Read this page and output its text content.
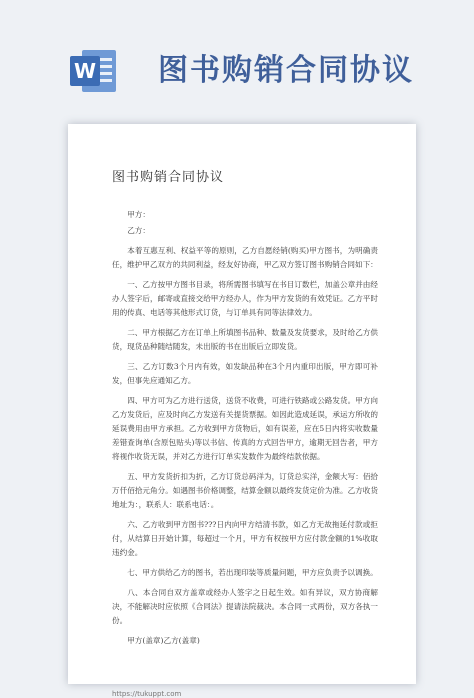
W 图书购销合同协议
图书购销合同协议

甲方：

乙方：

本着互惠互利、权益平等的原则，乙方自愿经销(购买)甲方图书，为明确责任，维护甲乙双方的共同利益，经友好协商，甲乙双方签订图书购销合同如下：

一、乙方按甲方图书目录，将所需图书填写在书目订数栏，加盖公章并由经办人签字后，邮寄或直接交给甲方经办人，作为甲方发货的有效凭证。乙方平时用的传真、电话等其他形式订货，与订单具有同等法律效力。

二、甲方根据乙方在订单上所填图书品种、数量及发货要求，及时给乙方供货，现货品种随结随发，未出版的书在出版后立即发货。

三、乙方订数3个月内有效，如发缺品种在3个月内重印出版，甲方即可补发，但事先应通知乙方。

四、甲方可为乙方进行送货，送货不收费，可进行铁路或公路发货。甲方向乙方发货后，应及时向乙方发送有关提货票据。如因此造成延误，承运方所收的延误费用由甲方承担。乙方收到甲方货物后，如有误差，应在5日内将实收数量差错查询单(含原包贴头)等以书信、传真的方式回告甲方，逾期无回告者，甲方将视作收货无误，并对乙方进行订单实发数作为最终结款依据。

五、甲方发货折扣为折，乙方订货总码洋为，订货总实洋，金额大写：佰拾万仟佰拾元角分。如遇图书价格调整，结算金额以最终发货定价为准。乙方收货地址为：，联系人：联系电话：。

六、乙方收到甲方图书???日内向甲方结清书款，如乙方无故拖延付款或拒付，从结算日开始计算，每超过一个月，甲方有权按甲方应付款金额的1%收取违约金。

七、甲方供给乙方的图书，若出现印装等质量问题，甲方应负责予以调换。

八、本合同自双方盖章或经办人签字之日起生效。如有异议，双方协商解决，不能解决时应依照《合同法》提请法院裁决。本合同一式两份，双方各执一份。

甲方(盖章)乙方(盖章)

https://tukuppt.com
